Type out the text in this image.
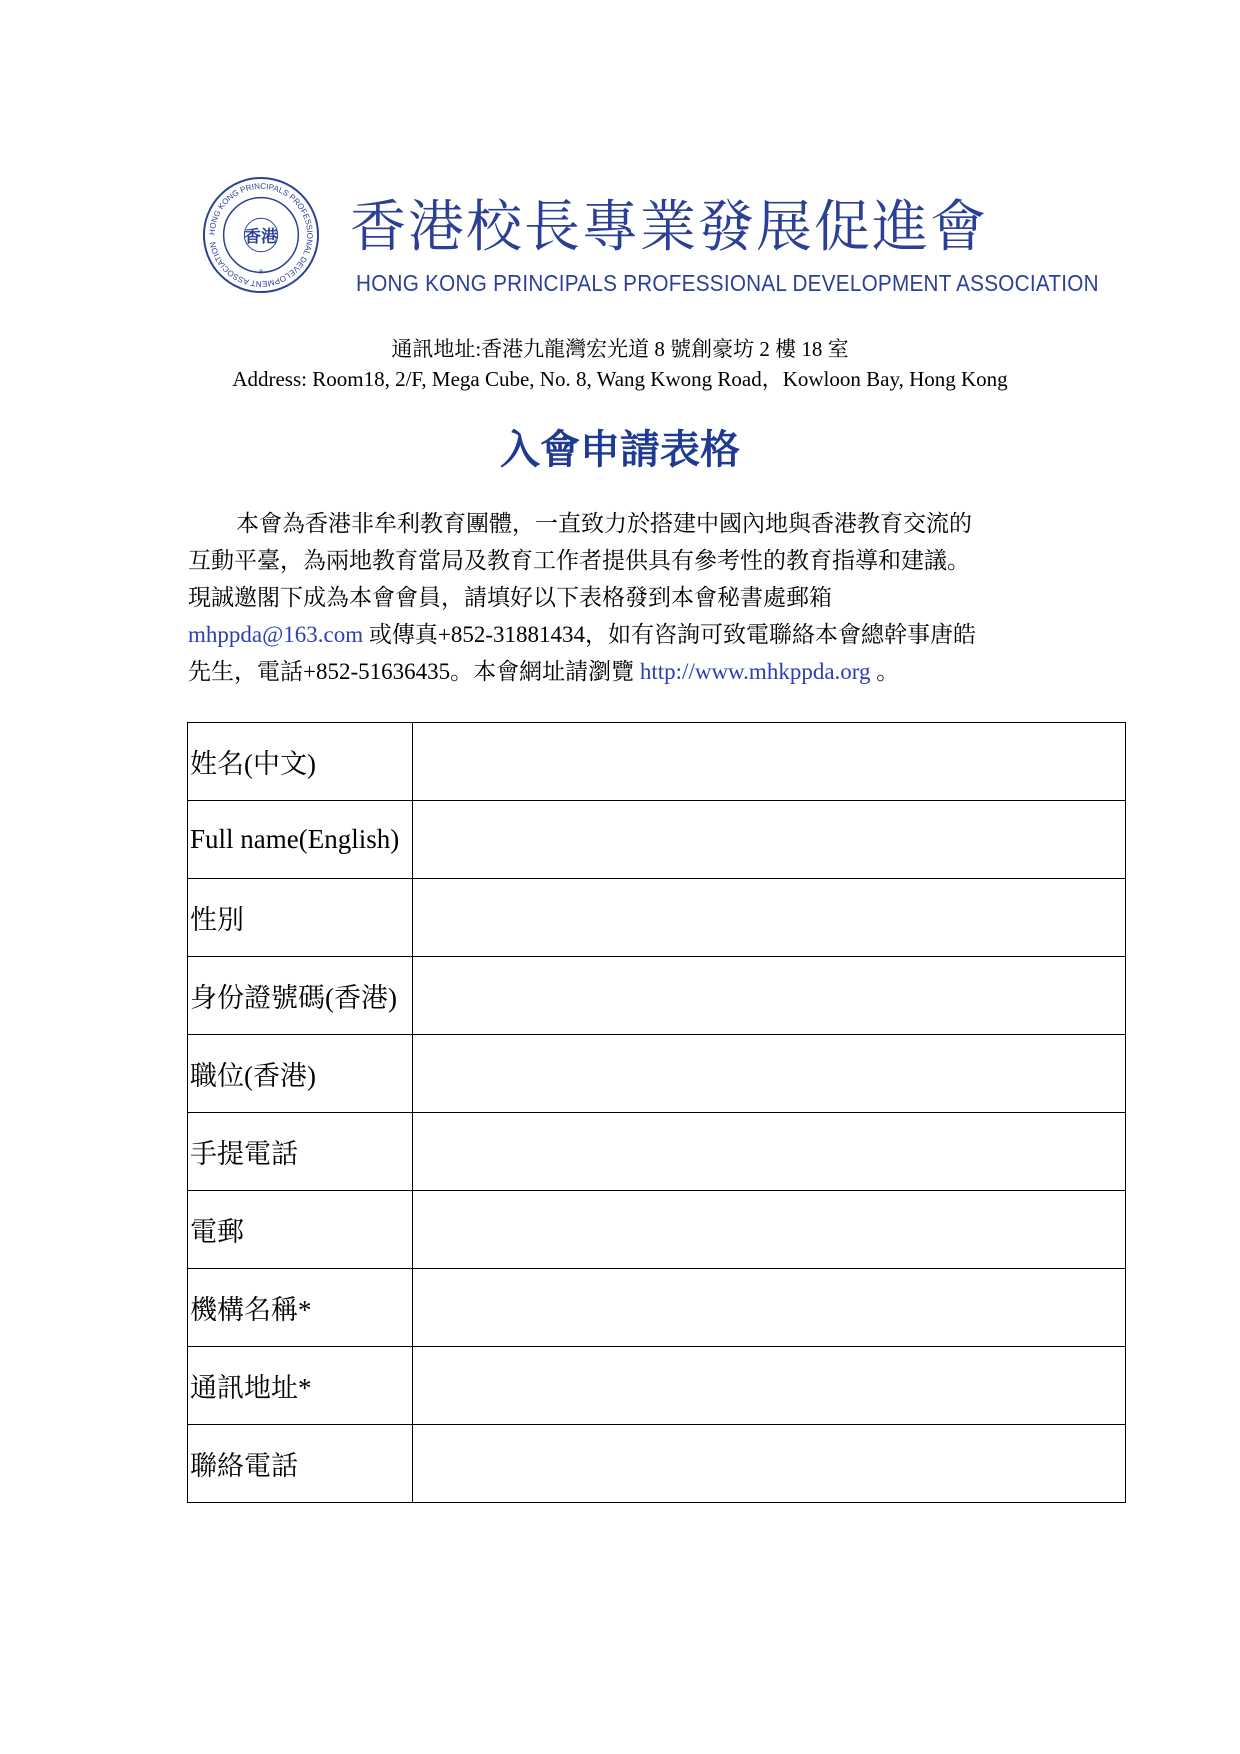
HONG KONG PRINCIPALS PROFESSIONAL DEVELOPMENT ASSOCIATION	香港
✳
香港校長專業發展促進會
HONG KONG PRINCIPALS PROFESSIONAL DEVELOPMENT ASSOCIATION
通訊地址:香港九龍灣宏光道 8 號創豪坊 2 樓 18 室
Address: Room18, 2/F, Mega Cube, No. 8, Wang Kwong Road，Kowloon Bay, Hong Kong
入會申請表格
本會為香港非牟利教育團體，一直致力於搭建中國內地與香港教育交流的
互動平臺，為兩地教育當局及教育工作者提供具有參考性的教育指導和建議。
現誠邀閣下成為本會會員，請填好以下表格發到本會秘書處郵箱
mhppda@163.com 或傳真+852-31881434，如有咨詢可致電聯絡本會總幹事唐皓
先生，電話+852-51636435。本會網址請瀏覽 http://www.mhkppda.org 。
姓名(中文)	
Full name(English)	
性別	
身份證號碼(香港)	
職位(香港)	
手提電話	
電郵	
機構名稱*	
通訊地址*	
聯絡電話	
